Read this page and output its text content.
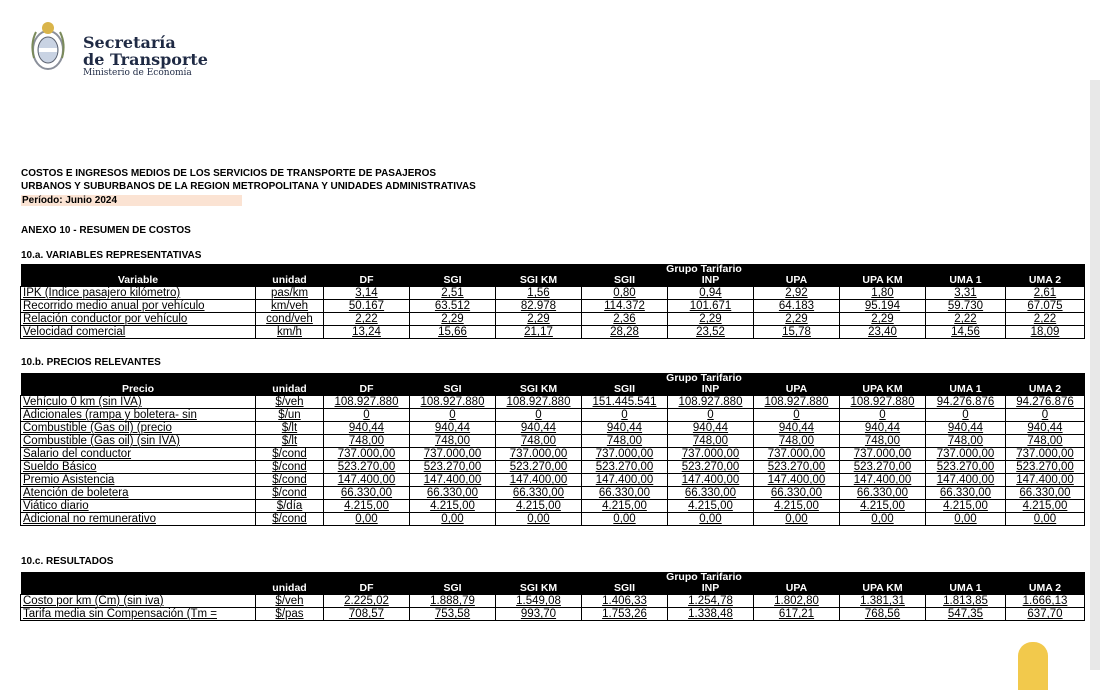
Secretaría
de Transporte
Ministerio de Economía
COSTOS E INGRESOS MEDIOS DE LOS SERVICIOS DE TRANSPORTE DE PASAJEROS
URBANOS Y SUBURBANOS DE LA REGION METROPOLITANA Y UNIDADES ADMINISTRATIVAS
Período: Junio 2024
ANEXO 10 - RESUMEN DE COSTOS
10.a. VARIABLES REPRESENTATIVAS
10.b. PRECIOS RELEVANTES
10.c. RESULTADOS
		Grupo Tarifario								
Variable	unidad	DF	SGI	SGI KM	SGII	INP	UPA	UPA KM	UMA 1	UMA 2
IPK (Índice pasajero kilómetro)	pas/km	3,14	2,51	1,56	0,80	0,94	2,92	1,80	3,31	2,61
Recorrido medio anual por vehículo	km/veh	50.167	63.512	82.978	114.372	101.671	64.183	95.194	59.730	67.075
Relación conductor por vehículo	cond/veh	2,22	2,29	2,29	2,36	2,29	2,29	2,29	2,22	2,22
Velocidad comercial	km/h	13,24	15,66	21,17	28,28	23,52	15,78	23,40	14,56	18,09
		Grupo Tarifario								
Precio	unidad	DF	SGI	SGI KM	SGII	INP	UPA	UPA KM	UMA 1	UMA 2
Vehículo 0 km (sin IVA)	$/veh	108.927.880	108.927.880	108.927.880	151.445.541	108.927.880	108.927.880	108.927.880	94.276.876	94.276.876
Adicionales (rampa y boletera- sin	$/un	0	0	0	0	0	0	0	0	0
Combustible (Gas oil) (precio	$/lt	940,44	940,44	940,44	940,44	940,44	940,44	940,44	940,44	940,44
Combustible (Gas oil) (sin IVA)	$/lt	748,00	748,00	748,00	748,00	748,00	748,00	748,00	748,00	748,00
Salario del conductor	$/cond	737.000,00	737.000,00	737.000,00	737.000,00	737.000,00	737.000,00	737.000,00	737.000,00	737.000,00
Sueldo Básico	$/cond	523.270,00	523.270,00	523.270,00	523.270,00	523.270,00	523.270,00	523.270,00	523.270,00	523.270,00
Premio Asistencia	$/cond	147.400,00	147.400,00	147.400,00	147.400,00	147.400,00	147.400,00	147.400,00	147.400,00	147.400,00
Atención de boletera	$/cond	66.330,00	66.330,00	66.330,00	66.330,00	66.330,00	66.330,00	66.330,00	66.330,00	66.330,00
Viático diario	$/día	4.215,00	4.215,00	4.215,00	4.215,00	4.215,00	4.215,00	4.215,00	4.215,00	4.215,00
Adicional no remunerativo	$/cond	0,00	0,00	0,00	0,00	0,00	0,00	0,00	0,00	0,00
		Grupo Tarifario								
	unidad	DF	SGI	SGI KM	SGII	INP	UPA	UPA KM	UMA 1	UMA 2
Costo por km (Cm) (sin iva)	$/veh	2.225,02	1.888,79	1.549,08	1.406,33	1.254,78	1.802,80	1.381,31	1.813,85	1.666,13
Tarifa media sin Compensación (Tm =	$/pas	708,57	753,58	993,70	1.753,26	1.338,48	617,21	768,56	547,35	637,70
